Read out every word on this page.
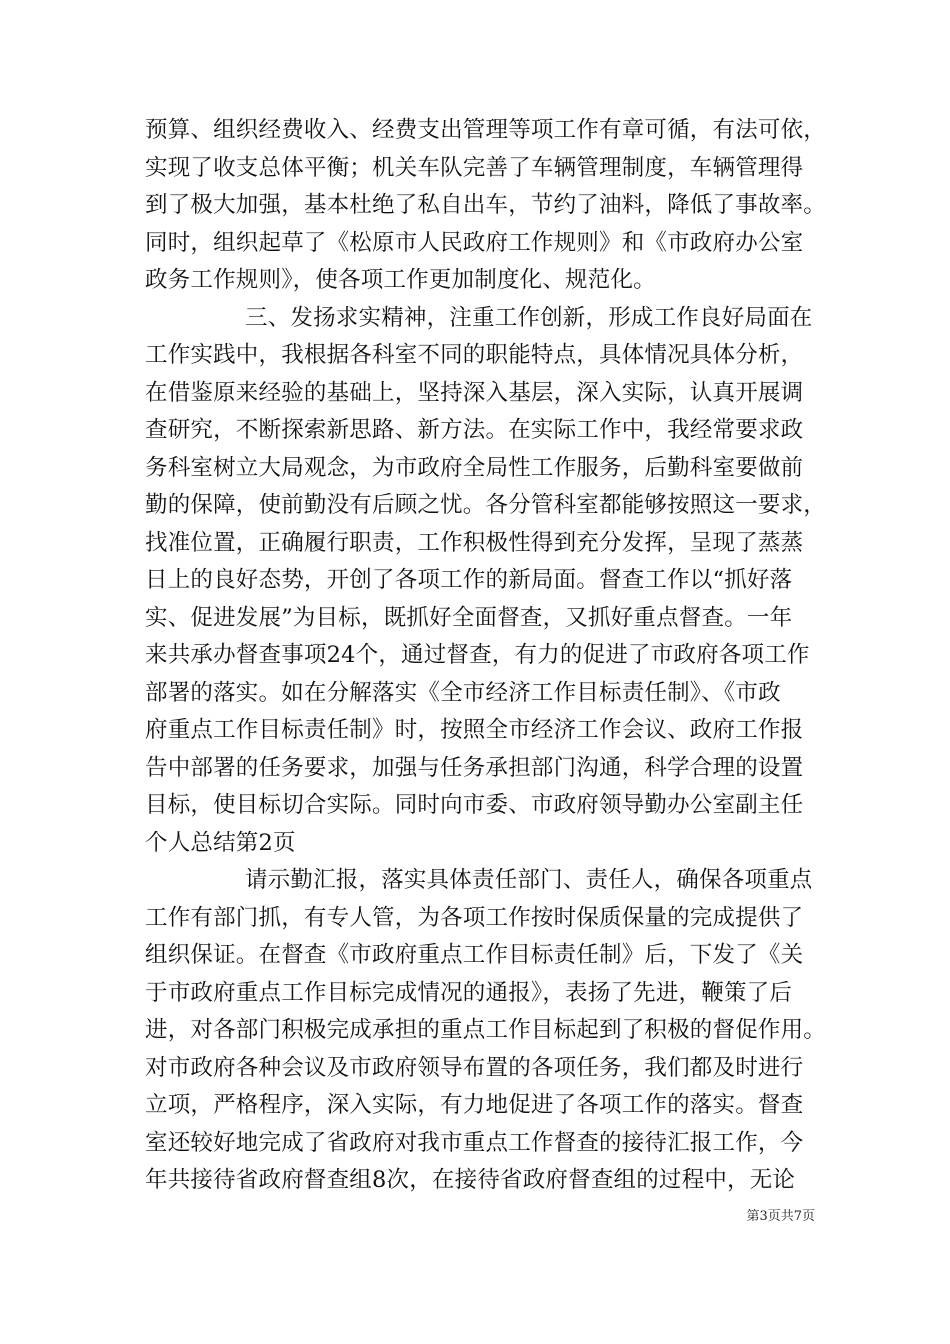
预算、组织经费收入、经费支出管理等项工作有章可循，有法可依，
实现了收支总体平衡；机关车队完善了车辆管理制度，车辆管理得
到了极大加强，基本杜绝了私自出车，节约了油料，降低了事故率。
同时，组织起草了《松原市人民政府工作规则》和《市政府办公室
政务工作规则》，使各项工作更加制度化、规范化。
三、发扬求实精神，注重工作创新，形成工作良好局面在
工作实践中，我根据各科室不同的职能特点，具体情况具体分析，
在借鉴原来经验的基础上，坚持深入基层，深入实际，认真开展调
查研究，不断探索新思路、新方法。在实际工作中，我经常要求政
务科室树立大局观念，为市政府全局性工作服务，后勤科室要做前
勤的保障，使前勤没有后顾之忧。各分管科室都能够按照这一要求，
找准位置，正确履行职责，工作积极性得到充分发挥，呈现了蒸蒸
日上的良好态势，开创了各项工作的新局面。督查工作以“抓好落
实、促进发展”为目标，既抓好全面督查，又抓好重点督查。一年
来共承办督查事项24个，通过督查，有力的促进了市政府各项工作
部署的落实。如在分解落实《全市经济工作目标责任制》、《市政
府重点工作目标责任制》时，按照全市经济工作会议、政府工作报
告中部署的任务要求，加强与任务承担部门沟通，科学合理的设置
目标，使目标切合实际。同时向市委、市政府领导勤办公室副主任
个人总结第2页
请示勤汇报，落实具体责任部门、责任人，确保各项重点
工作有部门抓，有专人管，为各项工作按时保质保量的完成提供了
组织保证。在督查《市政府重点工作目标责任制》后，下发了《关
于市政府重点工作目标完成情况的通报》，表扬了先进，鞭策了后
进，对各部门积极完成承担的重点工作目标起到了积极的督促作用。
对市政府各种会议及市政府领导布置的各项任务，我们都及时进行
立项，严格程序，深入实际，有力地促进了各项工作的落实。督查
室还较好地完成了省政府对我市重点工作督查的接待汇报工作，今
年共接待省政府督查组8次，在接待省政府督查组的过程中，无论
第3页共7页
